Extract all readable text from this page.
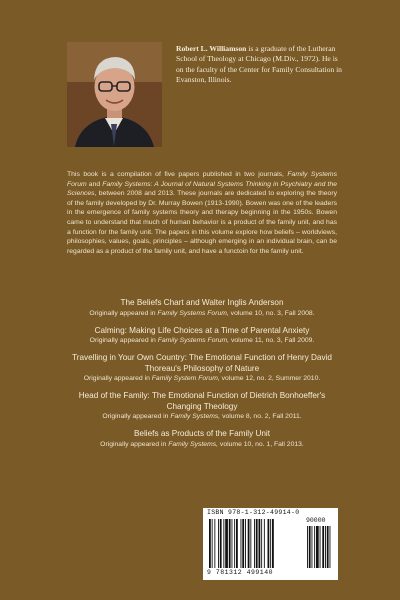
Robert L. Williamson is a graduate of the Lutheran School of Theology at Chicago (M.Div., 1972). He is on the faculty of the Center for Family Consultation in Evanston, Illinois.
This book is a compilation of five papers published in two journals, Family Systems Forum and Family Systems: A Journal of Natural Systems Thinking in Psychiatry and the Sciences, between 2008 and 2013. These journals are dedicated to exploring the theory of the family developed by Dr. Murray Bowen (1913-1990). Bowen was one of the leaders in the emergence of family systems theory and therapy beginning in the 1950s. Bowen came to understand that much of human behavior is a product of the family unit, and has a function for the family unit. The papers in this volume explore how beliefs – worldviews, philosophies, values, goals, principles – although emerging in an individual brain, can be regarded as a product of the family unit, and have a functoin for the family unit.
The Beliefs Chart and Walter Inglis Anderson
Originally appeared in Family Systems Forum, volume 10, no. 3, Fall 2008.
Calming: Making Life Choices at a Time of Parental Anxiety
Originally appeared in Family Systems Forum, volume 11, no. 3, Fall 2009.
Travelling in Your Own Country: The Emotional Function of Henry David Thoreau's Philosophy of Nature
Originally appeared in Family System Forum, volume 12, no. 2, Summer 2010.
Head of the Family: The Emotional Function of Dietrich Bonhoeffer's Changing Theology
Originally appeared in Family Systems, volume 8, no. 2, Fall 2011.
Beliefs as Products of the Family Unit
Originally appeared in Family Systems, volume 10, no. 1, Fall 2013.
ISBN 978-1-312-49914-0
90000
9 781312 499140
